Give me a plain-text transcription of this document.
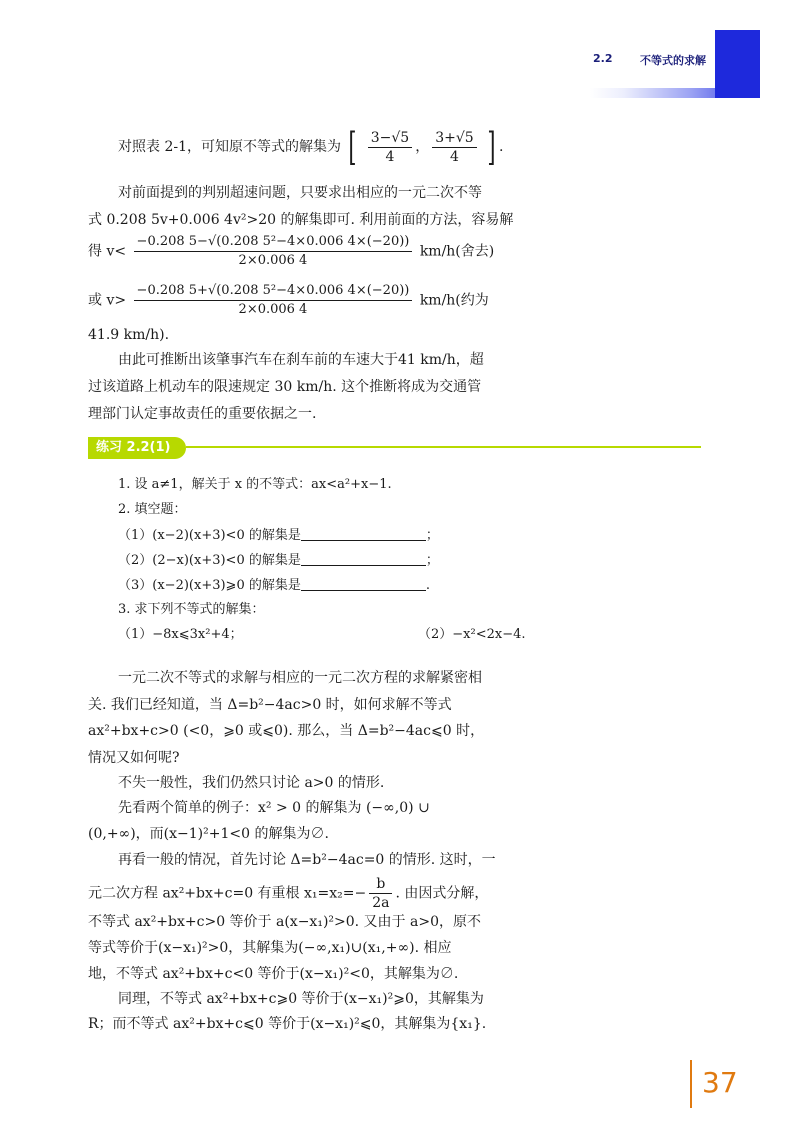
2.2	不等式的求解
对照表 2-1，可知原不等式的解集为 [ $\frac{3-√5}{4}$ ， $\frac{3+√5}{4}$ ] .
对前面提到的判别超速问题，只要求出相应的一元二次不等
式 0.208 5v+0.006 4v²>20 的解集即可. 利用前面的方法，容易解
得 $v< \frac{\text{−0.208 5−√(0.208 5²−4×0.006 4×(−20))}}{2\times 0.006 4} km/h$(舍去)
或 $v> \frac{\text{−0.208 5+√(0.208 5²−4×0.006 4×(−20))}}{2\times 0.006 4} km/h$(约为
41.9 km/h).
由此可推断出该肇事汽车在刹车前的车速大于41 km/h，超
过该道路上机动车的限速规定 30 km/h. 这个推断将成为交通管
理部门认定事故责任的重要依据之一.
练习 2.2(1)
1. 设 a≠1，解关于 x 的不等式：ax<a²+x−1.
2. 填空题：
（1）(x−2)(x+3)<0 的解集是	；
（2）(2−x)(x+3)<0 的解集是	；
（3）(x−2)(x+3)⩾0 的解集是	.
3. 求下列不等式的解集：
（1）−8x⩽3x²+4；	（2）−x²<2x−4.
一元二次不等式的求解与相应的一元二次方程的求解紧密相
关. 我们已经知道，当 Δ=b²−4ac>0 时，如何求解不等式
ax²+bx+c>0 (<0，⩾0 或⩽0). 那么，当 Δ=b²−4ac⩽0 时，
情况又如何呢?
不失一般性，我们仍然只讨论 a>0 的情形.
先看两个简单的例子：x² > 0 的解集为 (−∞,0) ∪
(0,+∞)，而(x−1)²+1<0 的解集为∅.
再看一般的情况，首先讨论 Δ=b²−4ac=0 的情形. 这时，一
元二次方程 ax²+bx+c=0 有重根 $x_1=x_2=- \frac{b}{2a}$ . 由因式分解，
不等式 ax²+bx+c>0 等价于 a(x−x₁)²>0. 又由于 a>0，原不
等式等价于(x−x₁)²>0，其解集为(−∞,x₁)∪(x₁,+∞). 相应
地，不等式 ax²+bx+c<0 等价于(x−x₁)²<0，其解集为∅.
同理，不等式 ax²+bx+c⩾0 等价于(x−x₁)²⩾0，其解集为
R；而不等式 ax²+bx+c⩽0 等价于(x−x₁)²⩽0，其解集为{x₁}.
37
